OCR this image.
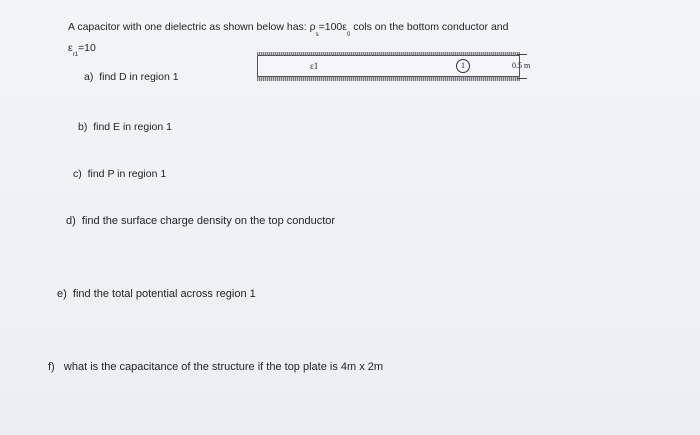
A capacitor with one dielectric as shown below has: $\rho_s=100\varepsilon_0$ cols on the bottom conductor and
$\varepsilon_{r1}=10$
ε1	1	0.5 m
a) find D in region 1
b) find E in region 1
c) find P in region 1
d) find the surface charge density on the top conductor
e) find the total potential across region 1
f) what is the capacitance of the structure if the top plate is 4m x 2m
